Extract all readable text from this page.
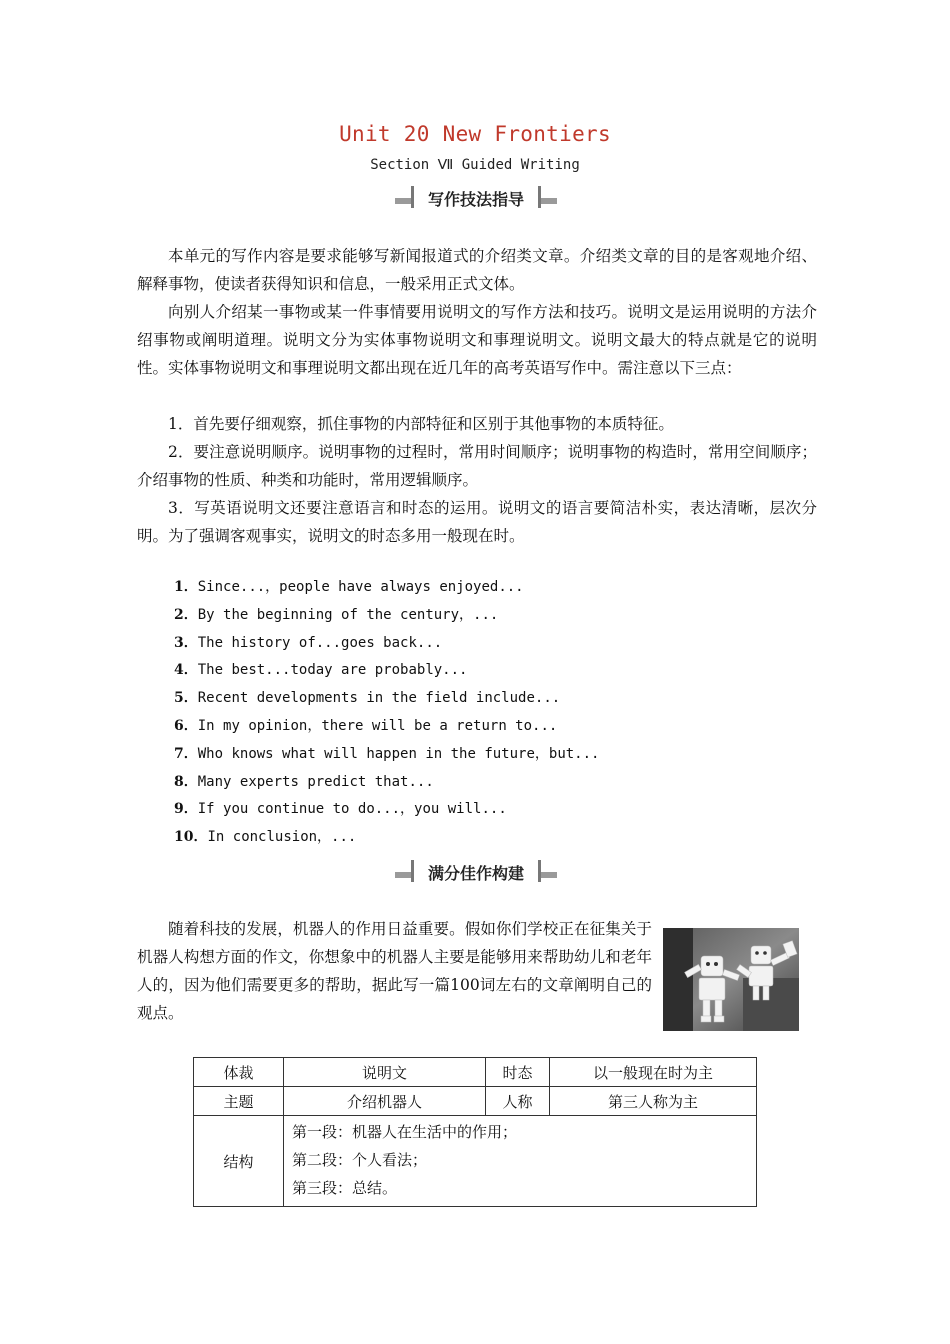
Unit 20 New Frontiers
Section Ⅶ Guided Writing
写作技法指导
本单元的写作内容是要求能够写新闻报道式的介绍类文章。介绍类文章的目的是客观地介绍、解释事物，使读者获得知识和信息，一般采用正式文体。
向别人介绍某一事物或某一件事情要用说明文的写作方法和技巧。说明文是运用说明的方法介绍事物或阐明道理。说明文分为实体事物说明文和事理说明文。说明文最大的特点就是它的说明性。实体事物说明文和事理说明文都出现在近几年的高考英语写作中。需注意以下三点：
1．首先要仔细观察，抓住事物的内部特征和区别于其他事物的本质特征。
2．要注意说明顺序。说明事物的过程时，常用时间顺序；说明事物的构造时，常用空间顺序；介绍事物的性质、种类和功能时，常用逻辑顺序。
3．写英语说明文还要注意语言和时态的运用。说明文的语言要简洁朴实，表达清晰，层次分明。为了强调客观事实，说明文的时态多用一般现在时。
1．Since...，people have always enjoyed...
2．By the beginning of the century，...
3．The history of...goes back...
4．The best...today are probably...
5．Recent developments in the field include...
6．In my opinion，there will be a return to...
7．Who knows what will happen in the future，but...
8．Many experts predict that...
9．If you continue to do...，you will...
10．In conclusion，...
满分佳作构建
随着科技的发展，机器人的作用日益重要。假如你们学校正在征集关于机器人构想方面的作文，你想象中的机器人主要是能够用来帮助幼儿和老年人的，因为他们需要更多的帮助，据此写一篇100词左右的文章阐明自己的观点。
体裁	说明文	时态	以一般现在时为主
主题	介绍机器人	人称	第三人称为主
结构	第一段：机器人在生活中的作用；
第二段：个人看法；
第三段：总结。		
